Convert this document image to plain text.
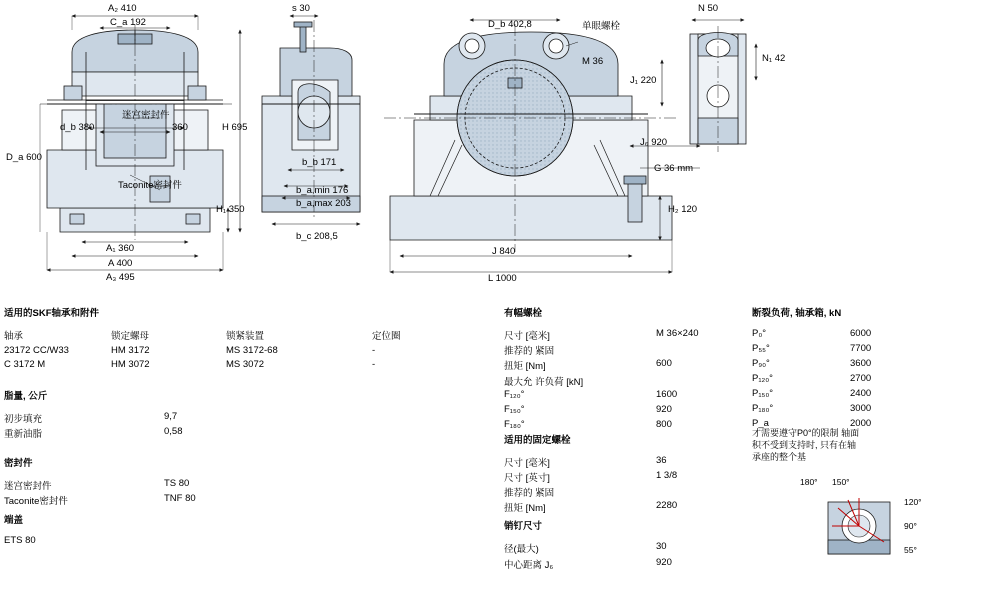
A₂ 410
C_a 192
d_b 380	360	H 695
D_a 600
H₁ 350
A₁ 360
A 400
A₃ 495
迷宫密封件
Taconite密封件
s 30
b_b 171
b_a,min 176
b_a,max 203
b_c 208,5
D_b 402,8
H₂ 120
J 840
L 1000
单眼螺栓
M 36
N 50
N₁ 42
J₁ 220
J₆ 920
G 36 mm
适用的SKF轴承和附件
轴承	锁定螺母	锁紧装置	定位圈
23172 CC/W33	HM 3172	MS 3172-68	-
C 3172 M	HM 3072	MS 3072	-
脂量, 公斤
初步填充	9,7
重新油脂	0,58
密封件
迷宫密封件	TS 80
Taconite密封件	TNF 80
端盖
ETS 80
有幅螺栓
尺寸 [毫米]	M 36×240
推荐的 紧固
扭矩 [Nm]	600
最大允 许负荷 [kN]
F₁₂₀°	1600
F₁₅₀°	920
F₁₈₀°	800
适用的固定螺栓
尺寸 [毫米]	36
尺寸 [英寸]	1 3/8
推荐的 紧固
扭矩 [Nm]	2280
销钉尺寸
径(最大)	30
中心距离 J₆	920
断裂负荷, 轴承箱, kN
P₀°	6000
P₅₅°	7700
P₉₀°	3600
P₁₂₀°	2700
P₁₅₀°	2400
P₁₈₀°	3000
P_a	2000
才需要遵守P0°的限制 轴面积不受到支持时, 只有在轴承座的整个基
180° 150°
120°
90°
55°
